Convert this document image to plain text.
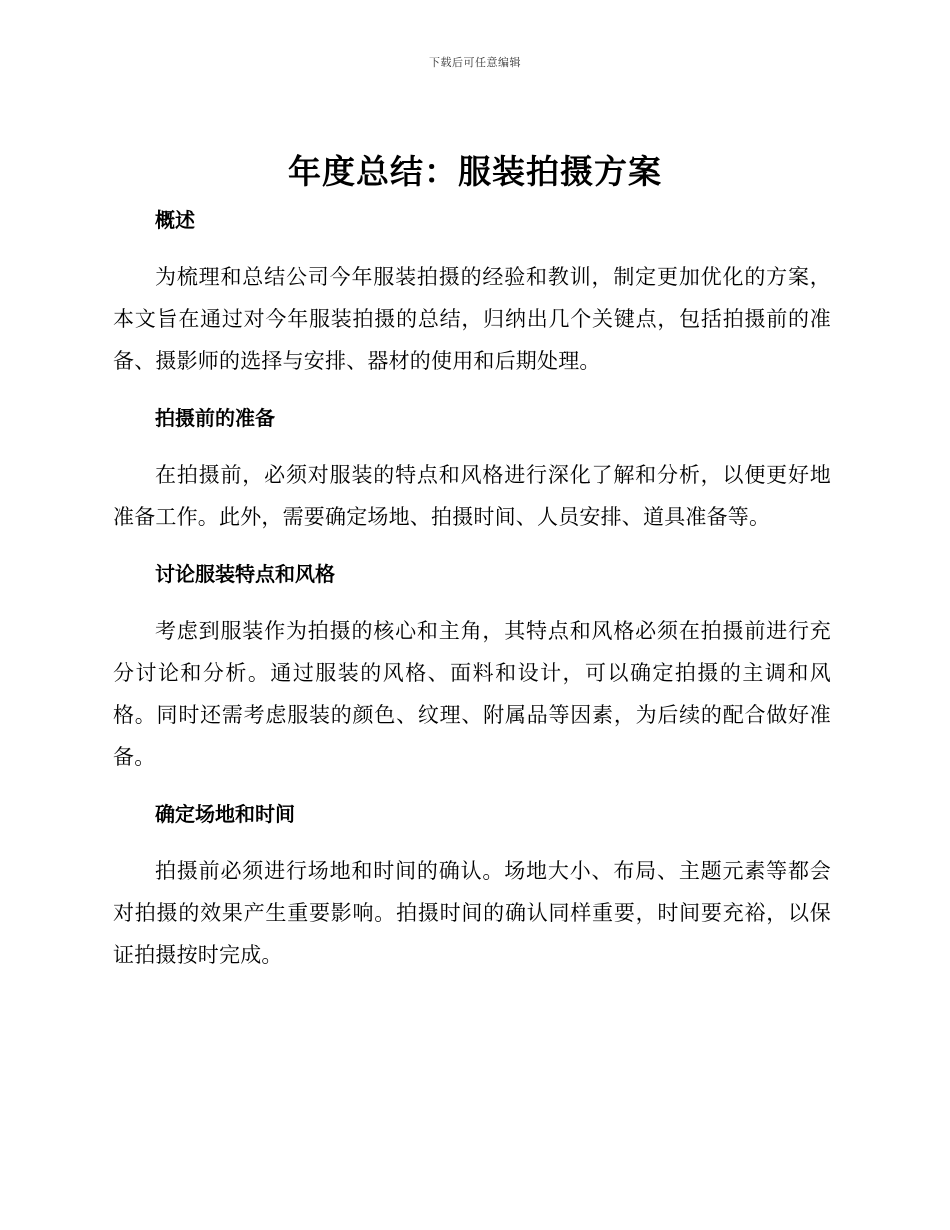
下载后可任意编辑
年度总结：服装拍摄方案
概述

为梳理和总结公司今年服装拍摄的经验和教训，制定更加优化的方案，本文旨在通过对今年服装拍摄的总结，归纳出几个关键点，包括拍摄前的准备、摄影师的选择与安排、器材的使用和后期处理。

拍摄前的准备

在拍摄前，必须对服装的特点和风格进行深化了解和分析，以便更好地准备工作。此外，需要确定场地、拍摄时间、人员安排、道具准备等。

讨论服装特点和风格

考虑到服装作为拍摄的核心和主角，其特点和风格必须在拍摄前进行充分讨论和分析。通过服装的风格、面料和设计，可以确定拍摄的主调和风格。同时还需考虑服装的颜色、纹理、附属品等因素，为后续的配合做好准备。

确定场地和时间

拍摄前必须进行场地和时间的确认。场地大小、布局、主题元素等都会对拍摄的效果产生重要影响。拍摄时间的确认同样重要，时间要充裕，以保证拍摄按时完成。
